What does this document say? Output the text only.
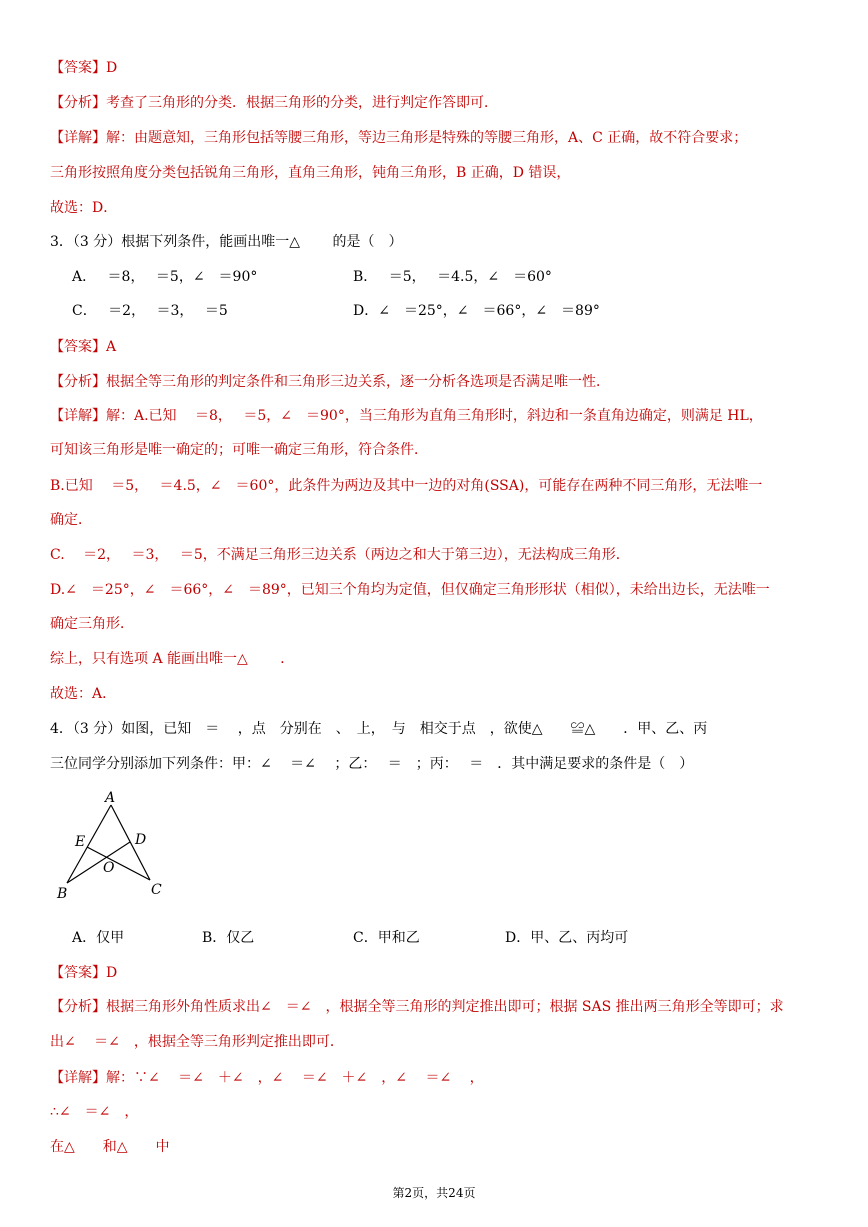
【答案】D
【分析】考查了三角形的分类．根据三角形的分类，进行判定作答即可．
【详解】解：由题意知，三角形包括等腰三角形，等边三角形是特殊的等腰三角形，A、C 正确，故不符合要求；
三角形按照角度分类包括锐角三角形，直角三角形，钝角三角形，B 正确，D 错误，
故选：D．
3．（3 分）根据下列条件，能画出唯一△　　 的是（　）
A．　 ＝8，　 ＝5，∠　＝90°	B．　 ＝5，　 ＝4.5，∠　＝60°
C．　 ＝2，　 ＝3，　 ＝5	D．∠　＝25°，∠　＝66°，∠　＝89°
【答案】A
【分析】根据全等三角形的判定条件和三角形三边关系，逐一分析各选项是否满足唯一性．
【详解】解：A.已知　 ＝8，　 ＝5，∠　＝90°，当三角形为直角三角形时，斜边和一条直角边确定，则满足 HL，
可知该三角形是唯一确定的；可唯一确定三角形，符合条件．
B.已知　 ＝5，　 ＝4.5，∠　＝60°，此条件为两边及其中一边的对角(SSA)，可能存在两种不同三角形，无法唯一
确定．
C.　 ＝2，　 ＝3，　 ＝5，不满足三角形三边关系（两边之和大于第三边），无法构成三角形．
D.∠　＝25°，∠　＝66°，∠　＝89°，已知三个角均为定值，但仅确定三角形形状（相似），未给出边长，无法唯一
确定三角形．
综上，只有选项 A 能画出唯一△　　 ．
故选：A．
4．（3 分）如图，已知　＝　 ，点　分别在　、　上，　与　相交于点　，欲使△　　≌△　　．甲、乙、丙
三位同学分别添加下列条件：甲：∠　 ＝∠　 ；乙：　 ＝　；丙：　 ＝　．其中满足要求的条件是（　）
A
E	D
O
B	C
A．仅甲	B．仅乙	C．甲和乙	D．甲、乙、丙均可
【答案】D
【分析】根据三角形外角性质求出∠　＝∠　，根据全等三角形的判定推出即可；根据 SAS 推出两三角形全等即可；求
出∠　 ＝∠　，根据全等三角形判定推出即可．
【详解】解：∵∠　 ＝∠　＋∠　，∠　 ＝∠　＋∠　，∠　 ＝∠　 ，
∴∠　＝∠　，
在△　　和△　　中
第2页，共24页
